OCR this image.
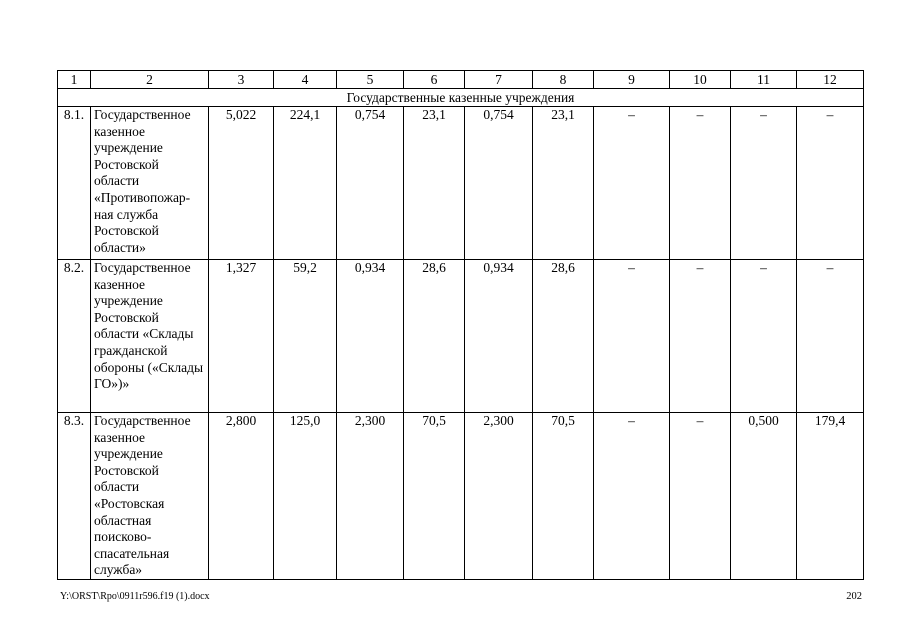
1	2	3	4	5	6	7	8	9	10	11	12
Государственные казенные учреждения											
8.1.	Государственное казенное учреждение Ростовской области «Противопожар-ная служба Ростовской области»	5,022	224,1	0,754	23,1	0,754	23,1	–	–	–	–
8.2.	Государственное казенное учреждение Ростовской области «Склады гражданской обороны («Склады ГО»)»	1,327	59,2	0,934	28,6	0,934	28,6	–	–	–	–
8.3.	Государственное казенное учреждение Ростовской области «Ростовская областная поисково-спасательная служба»	2,800	125,0	2,300	70,5	2,300	70,5	–	–	0,500	179,4
Y:\ORST\Rpo\0911r596.f19 (1).docx	202
